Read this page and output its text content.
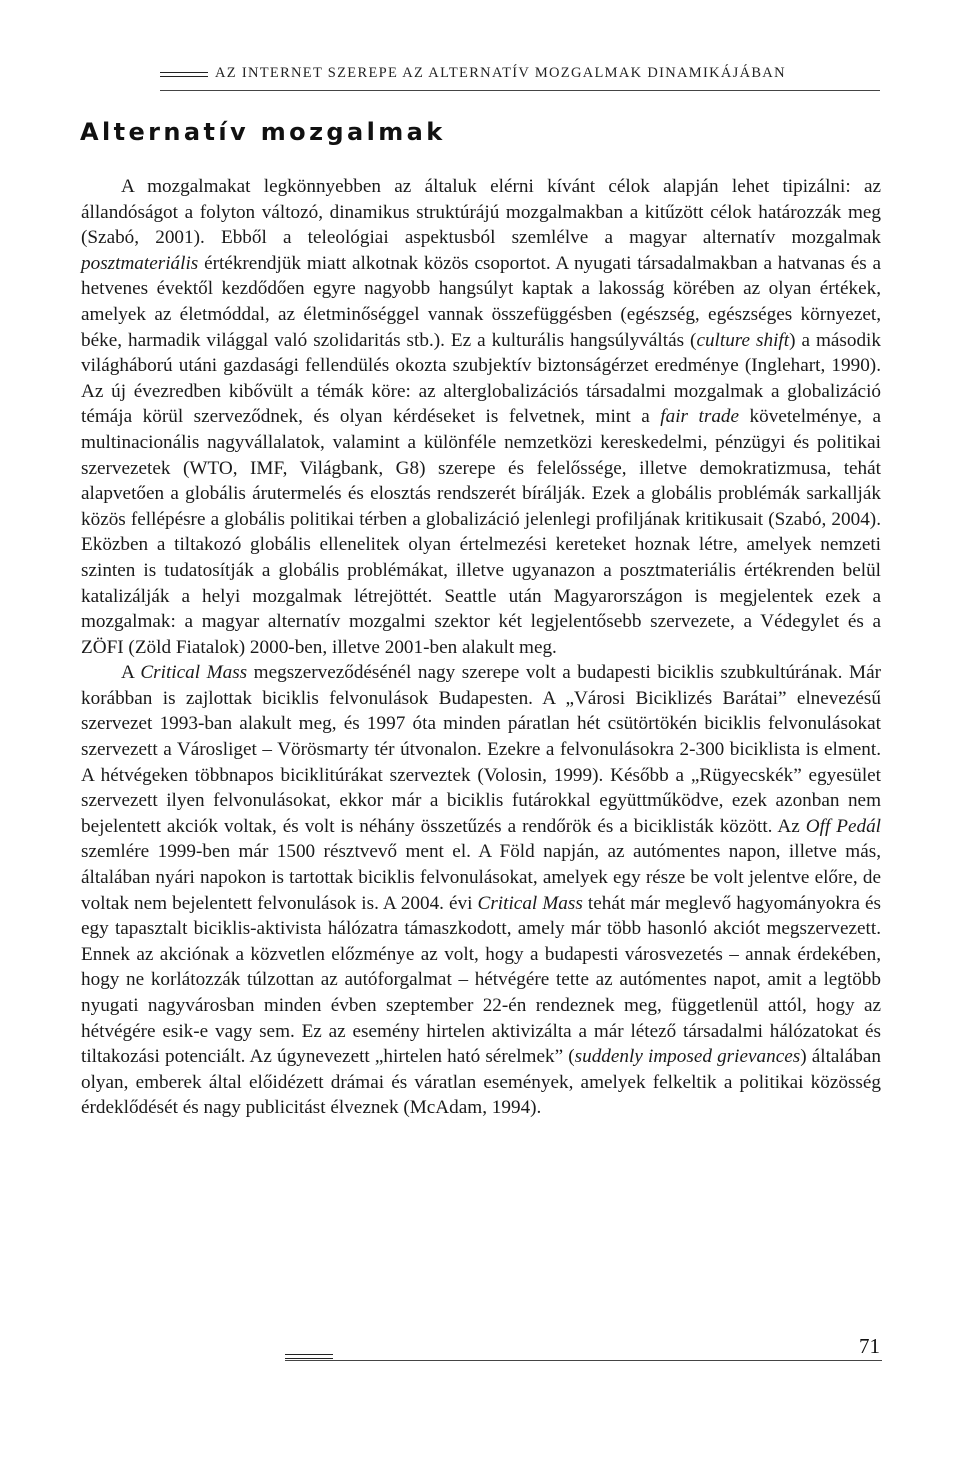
AZ INTERNET SZEREPE AZ ALTERNATÍV MOZGALMAK DINAMIKÁJÁBAN
Alternatív mozgalmak

A mozgalmakat legkönnyebben az általuk elérni kívánt célok alapján lehet tipizálni: az állandóságot a folyton változó, dinamikus struktúrájú mozgalmakban a kitűzött célok határozzák meg (Szabó, 2001). Ebből a teleológiai aspektusból szemlélve a magyar alternatív mozgalmak posztmateriális értékrendjük miatt alkotnak közös csoportot. A nyugati társadalmakban a hatvanas és a hetvenes évektől kezdődően egyre nagyobb hangsúlyt kaptak a lakosság körében az olyan értékek, amelyek az életmóddal, az életminőséggel vannak összefüggésben (egészség, egészséges környezet, béke, harmadik világgal való szolidaritás stb.). Ez a kulturális hangsúlyváltás (culture shift) a második világháború utáni gazdasági fellendülés okozta szubjektív biztonságérzet eredménye (Inglehart, 1990). Az új évezredben kibővült a témák köre: az alterglobalizációs társadalmi mozgalmak a globalizáció témája körül szerveződnek, és olyan kérdéseket is felvetnek, mint a fair trade követelménye, a multinacionális nagyvállalatok, valamint a különféle nemzetközi kereskedelmi, pénzügyi és politikai szervezetek (WTO, IMF, Világbank, G8) szerepe és felelőssége, illetve demokratizmusa, tehát alapvetően a globális árutermelés és elosztás rendszerét bírálják. Ezek a globális problémák sarkallják közös fellépésre a globális politikai térben a globalizáció jelenlegi profiljának kritikusait (Szabó, 2004). Eközben a tiltakozó globális ellenelitek olyan értelmezési kereteket hoznak létre, amelyek nemzeti szinten is tudatosítják a globális problémákat, illetve ugyanazon a posztmateriális értékrenden belül katalizálják a helyi mozgalmak létrejöttét. Seattle után Magyarországon is megjelentek ezek a mozgalmak: a magyar alternatív mozgalmi szektor két legjelentősebb szervezete, a Védegylet és a ZÖFI (Zöld Fiatalok) 2000-ben, illetve 2001-ben alakult meg.

A Critical Mass megszerveződésénél nagy szerepe volt a budapesti biciklis szubkultúrának. Már korábban is zajlottak biciklis felvonulások Budapesten. A „Városi Biciklizés Barátai” elnevezésű szervezet 1993-ban alakult meg, és 1997 óta minden páratlan hét csütörtökén biciklis felvonulásokat szervezett a Városliget – Vörösmarty tér útvonalon. Ezekre a felvonulásokra 2-300 biciklista is elment. A hétvégeken többnapos biciklitúrákat szerveztek (Volosin, 1999). Később a „Rügyecskék” egyesület szervezett ilyen felvonulásokat, ekkor már a biciklis futárokkal együttműködve, ezek azonban nem bejelentett akciók voltak, és volt is néhány összetűzés a rendőrök és a biciklisták között. Az Off Pedál szemlére 1999-ben már 1500 résztvevő ment el. A Föld napján, az autómentes napon, illetve más, általában nyári napokon is tartottak biciklis felvonulásokat, amelyek egy része be volt jelentve előre, de voltak nem bejelentett felvonulások is. A 2004. évi Critical Mass tehát már meglevő hagyományokra és egy tapasztalt biciklis-aktivista hálózatra támaszkodott, amely már több hasonló akciót megszervezett. Ennek az akciónak a közvetlen előzménye az volt, hogy a budapesti városvezetés – annak érdekében, hogy ne korlátozzák túlzottan az autóforgalmat – hétvégére tette az autómentes napot, amit a legtöbb nyugati nagyvárosban minden évben szeptember 22-én rendeznek meg, függetlenül attól, hogy az hétvégére esik-e vagy sem. Ez az esemény hirtelen aktivizálta a már létező társadalmi hálózatokat és tiltakozási potenciált. Az úgynevezett „hirtelen ható sérelmek” (suddenly imposed grievances) általában olyan, emberek által előidézett drámai és váratlan események, amelyek felkeltik a politikai közösség érdeklődését és nagy publicitást élveznek (McAdam, 1994).

71
